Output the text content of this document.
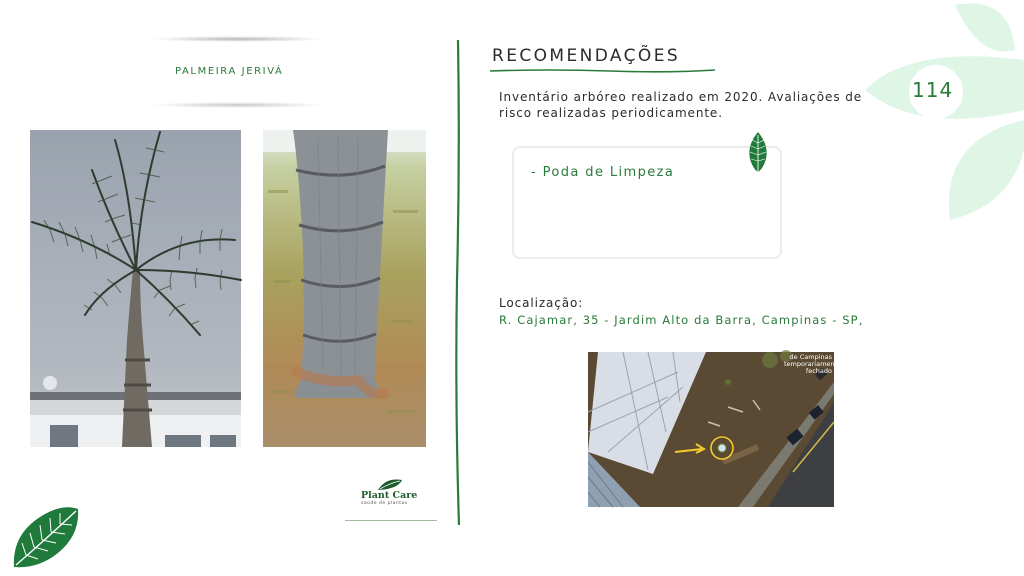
PALMEIRA JERIVÁ
RECOMENDAÇÕES
Inventário arbóreo realizado em 2020. Avaliações de risco realizadas periodicamente.
- Poda de Limpeza
Localização:
R. Cajamar, 35 - Jardim Alto da Barra, Campinas - SP,
de Campinas temporariamente fechado
114
Plant Care
saúde de plantas
